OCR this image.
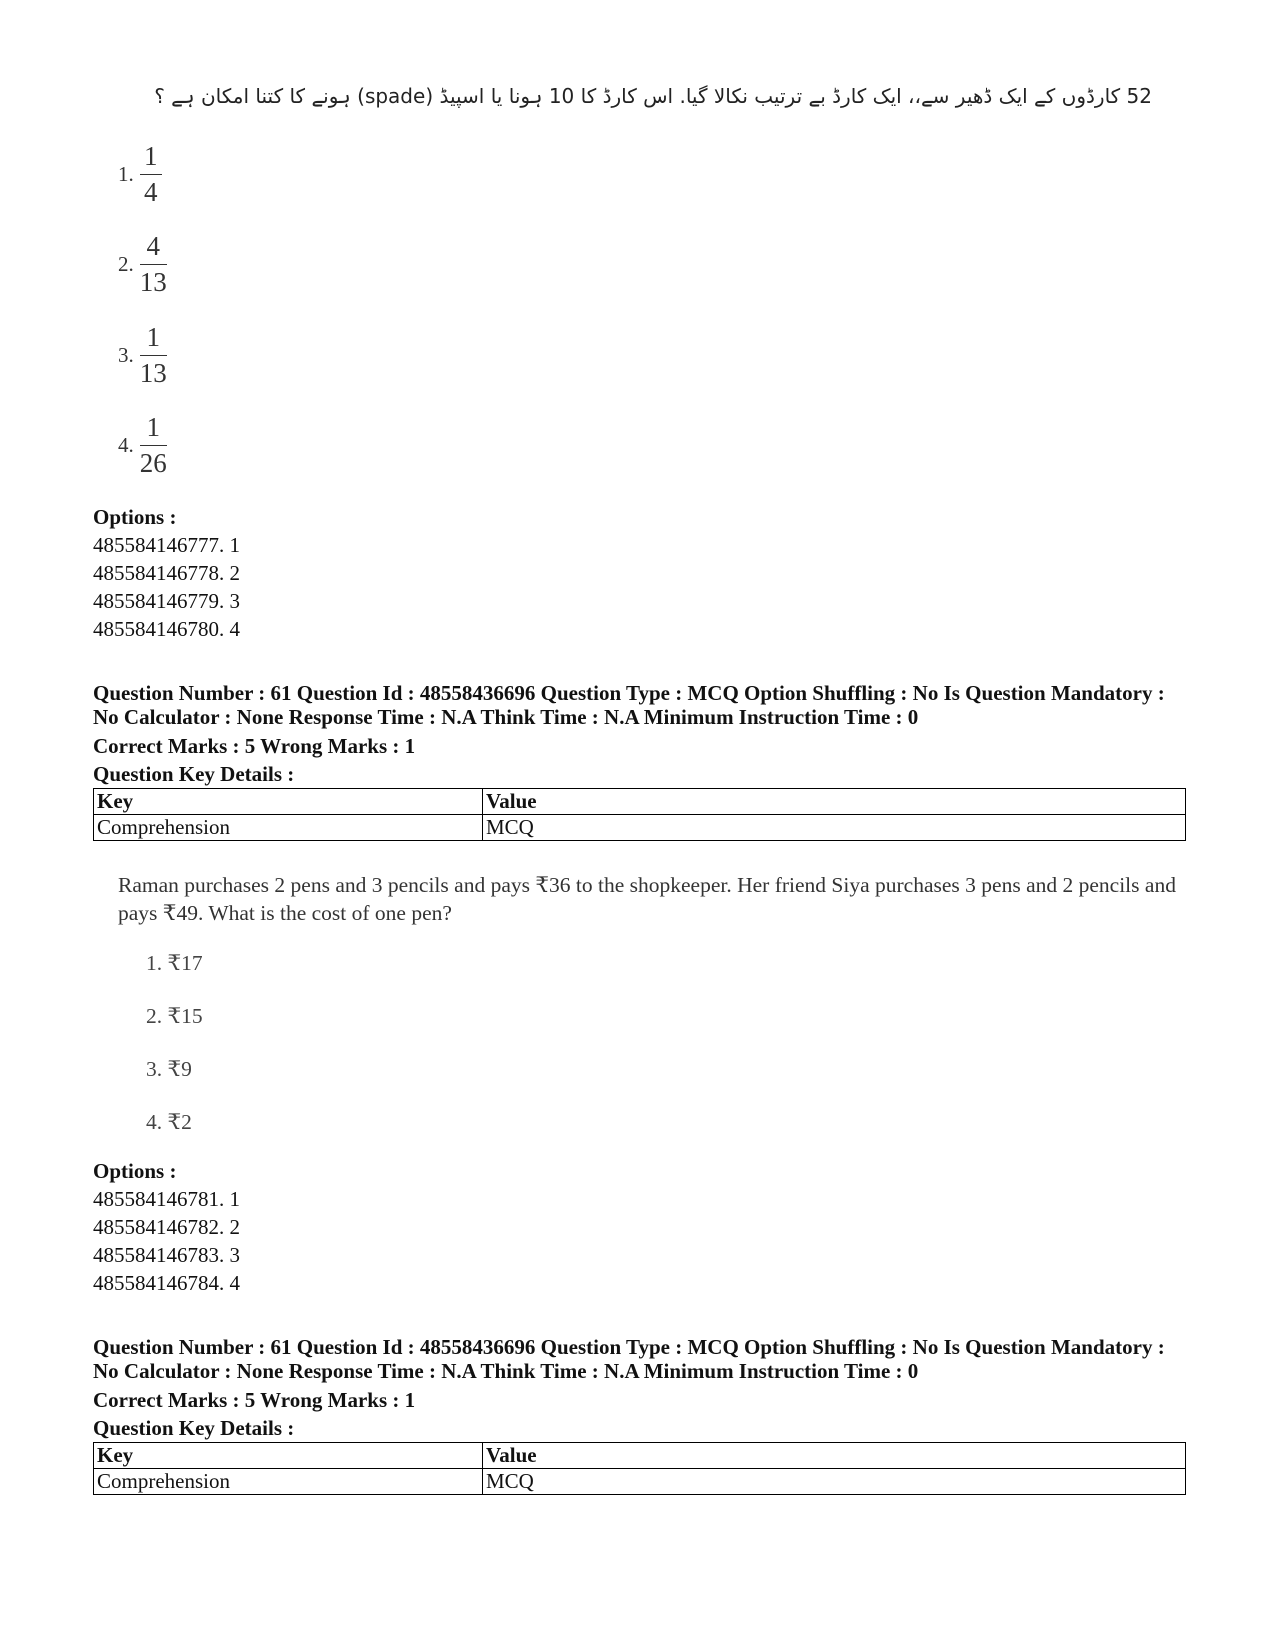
52 کارڈوں کے ایک ڈھیر سے،، ایک کارڈ بے ترتیب نکالا گیا. اس کارڈ کا 10 ہونا یا اسپیڈ (spade) ہونے کا کتنا امکان ہے ؟
1. $\frac{1}{4}$
2. $\frac{4}{13}$
3. $\frac{1}{13}$
4. $\frac{1}{26}$
Options :
485584146777. 1
485584146778. 2
485584146779. 3
485584146780. 4
Question Number : 61 Question Id : 48558436696 Question Type : MCQ Option Shuffling : No Is Question Mandatory :
No Calculator : None Response Time : N.A Think Time : N.A Minimum Instruction Time : 0
Correct Marks : 5 Wrong Marks : 1
Question Key Details :
Key	Value
Comprehension	MCQ
Raman purchases 2 pens and 3 pencils and pays ₹36 to the shopkeeper. Her friend Siya purchases 3 pens and 2 pencils and pays ₹49. What is the cost of one pen?
1. ₹17
2. ₹15
3. ₹9
4. ₹2
Options :
485584146781. 1
485584146782. 2
485584146783. 3
485584146784. 4
Question Number : 61 Question Id : 48558436696 Question Type : MCQ Option Shuffling : No Is Question Mandatory :
No Calculator : None Response Time : N.A Think Time : N.A Minimum Instruction Time : 0
Correct Marks : 5 Wrong Marks : 1
Question Key Details :
Key	Value
Comprehension	MCQ
